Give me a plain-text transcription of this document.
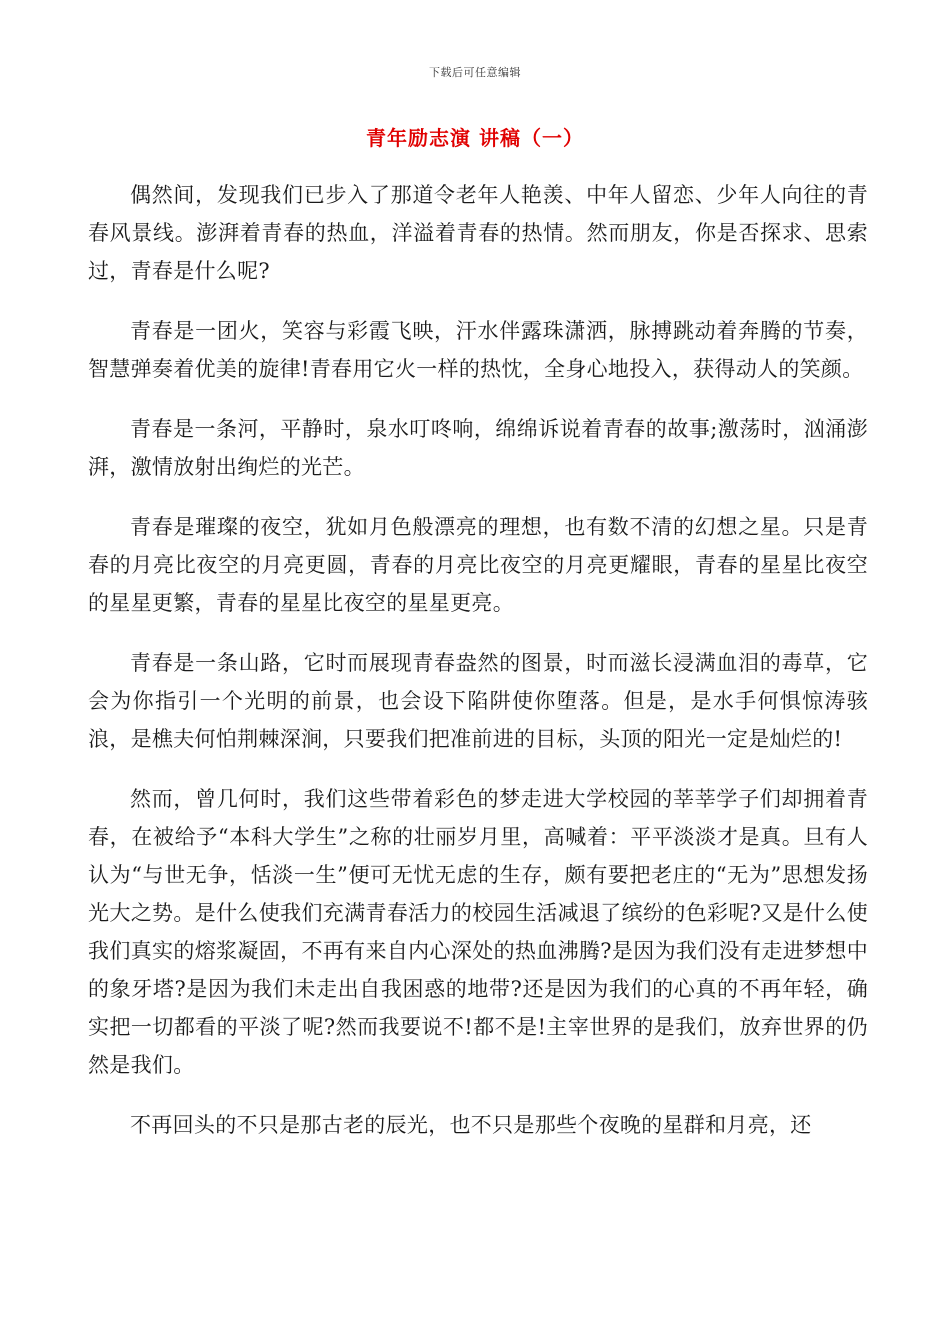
下载后可任意编辑
青年励志演 讲稿（一）

偶然间，发现我们已步入了那道令老年人艳羡、中年人留恋、少年人向往的青春风景线。澎湃着青春的热血，洋溢着青春的热情。然而朋友，你是否探求、思索过，青春是什么呢?

青春是一团火，笑容与彩霞飞映，汗水伴露珠潇洒，脉搏跳动着奔腾的节奏，智慧弹奏着优美的旋律!青春用它火一样的热忱，全身心地投入，获得动人的笑颜。

青春是一条河，平静时，泉水叮咚响，绵绵诉说着青春的故事;激荡时，汹涌澎湃，激情放射出绚烂的光芒。

青春是璀璨的夜空，犹如月色般漂亮的理想，也有数不清的幻想之星。只是青春的月亮比夜空的月亮更圆，青春的月亮比夜空的月亮更耀眼，青春的星星比夜空的星星更繁，青春的星星比夜空的星星更亮。

青春是一条山路，它时而展现青春盎然的图景，时而滋长浸满血泪的毒草，它会为你指引一个光明的前景，也会设下陷阱使你堕落。但是，是水手何惧惊涛骇浪，是樵夫何怕荆棘深涧，只要我们把准前进的目标，头顶的阳光一定是灿烂的!

然而，曾几何时，我们这些带着彩色的梦走进大学校园的莘莘学子们却拥着青春，在被给予“本科大学生”之称的壮丽岁月里，高喊着：平平淡淡才是真。旦有人认为“与世无争，恬淡一生”便可无忧无虑的生存，颇有要把老庄的“无为”思想发扬光大之势。是什么使我们充满青春活力的校园生活减退了缤纷的色彩呢?又是什么使我们真实的熔浆凝固，不再有来自内心深处的热血沸腾?是因为我们没有走进梦想中的象牙塔?是因为我们未走出自我困惑的地带?还是因为我们的心真的不再年轻，确实把一切都看的平淡了呢?然而我要说不!都不是!主宰世界的是我们，放弃世界的仍然是我们。

不再回头的不只是那古老的辰光，也不只是那些个夜晚的星群和月亮，还
